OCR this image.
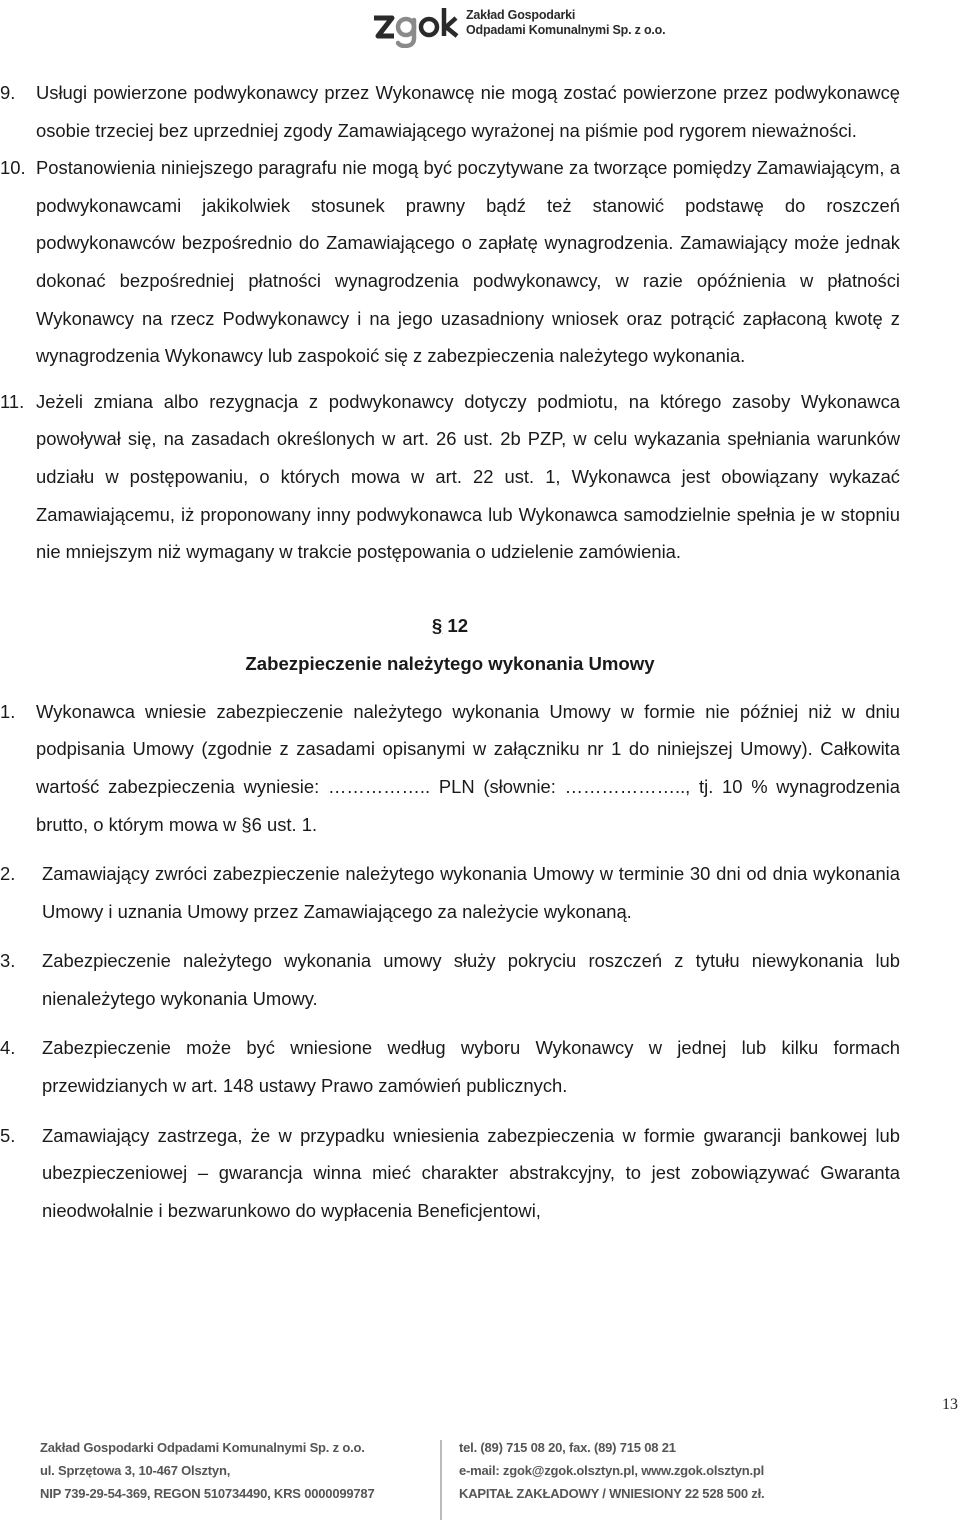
Zakład Gospodarki
Odpadami Komunalnymi Sp. z o.o.
9. Usługi powierzone podwykonawcy przez Wykonawcę nie mogą zostać powierzone przez podwykonawcę osobie trzeciej bez uprzedniej zgody Zamawiającego wyrażonej na piśmie pod rygorem nieważności.
10. Postanowienia niniejszego paragrafu nie mogą być poczytywane za tworzące pomiędzy Zamawiającym, a podwykonawcami jakikolwiek stosunek prawny bądź też stanowić podstawę do roszczeń podwykonawców bezpośrednio do Zamawiającego o zapłatę wynagrodzenia. Zamawiający może jednak dokonać bezpośredniej płatności wynagrodzenia podwykonawcy, w razie opóźnienia w płatności Wykonawcy na rzecz Podwykonawcy i na jego uzasadniony wniosek oraz potrącić zapłaconą kwotę z wynagrodzenia Wykonawcy lub zaspokoić się z zabezpieczenia należytego wykonania.
11. Jeżeli zmiana albo rezygnacja z podwykonawcy dotyczy podmiotu, na którego zasoby Wykonawca powoływał się, na zasadach określonych w art. 26 ust. 2b PZP, w celu wykazania spełniania warunków udziału w postępowaniu, o których mowa w art. 22 ust. 1, Wykonawca jest obowiązany wykazać Zamawiającemu, iż proponowany inny podwykonawca lub Wykonawca samodzielnie spełnia je w stopniu nie mniejszym niż wymagany w trakcie postępowania o udzielenie zamówienia.
§ 12
Zabezpieczenie należytego wykonania Umowy
1. Wykonawca wniesie zabezpieczenie należytego wykonania Umowy w formie nie później niż w dniu podpisania Umowy (zgodnie z zasadami opisanymi w załączniku nr 1 do niniejszej Umowy). Całkowita wartość zabezpieczenia wyniesie: …………….. PLN (słownie: ……………….., tj. 10 % wynagrodzenia brutto, o którym mowa w §6 ust. 1.
2. Zamawiający zwróci zabezpieczenie należytego wykonania Umowy w terminie 30 dni od dnia wykonania Umowy i uznania Umowy przez Zamawiającego za należycie wykonaną.
3. Zabezpieczenie należytego wykonania umowy służy pokryciu roszczeń z tytułu niewykonania lub nienależytego wykonania Umowy.
4. Zabezpieczenie może być wniesione według wyboru Wykonawcy w jednej lub kilku formach przewidzianych w art. 148 ustawy Prawo zamówień publicznych.
5. Zamawiający zastrzega, że w przypadku wniesienia zabezpieczenia w formie gwarancji bankowej lub ubezpieczeniowej – gwarancja winna mieć charakter abstrakcyjny, to jest zobowiązywać Gwaranta nieodwołalnie i bezwarunkowo do wypłacenia Beneficjentowi,
13
Zakład Gospodarki Odpadami Komunalnymi Sp. z o.o.
ul. Sprzętowa 3, 10-467 Olsztyn,
NIP 739-29-54-369, REGON 510734490, KRS 0000099787
tel. (89) 715 08 20, fax. (89) 715 08 21
e-mail: zgok@zgok.olsztyn.pl, www.zgok.olsztyn.pl
KAPITAŁ ZAKŁADOWY / WNIESIONY 22 528 500 zł.
